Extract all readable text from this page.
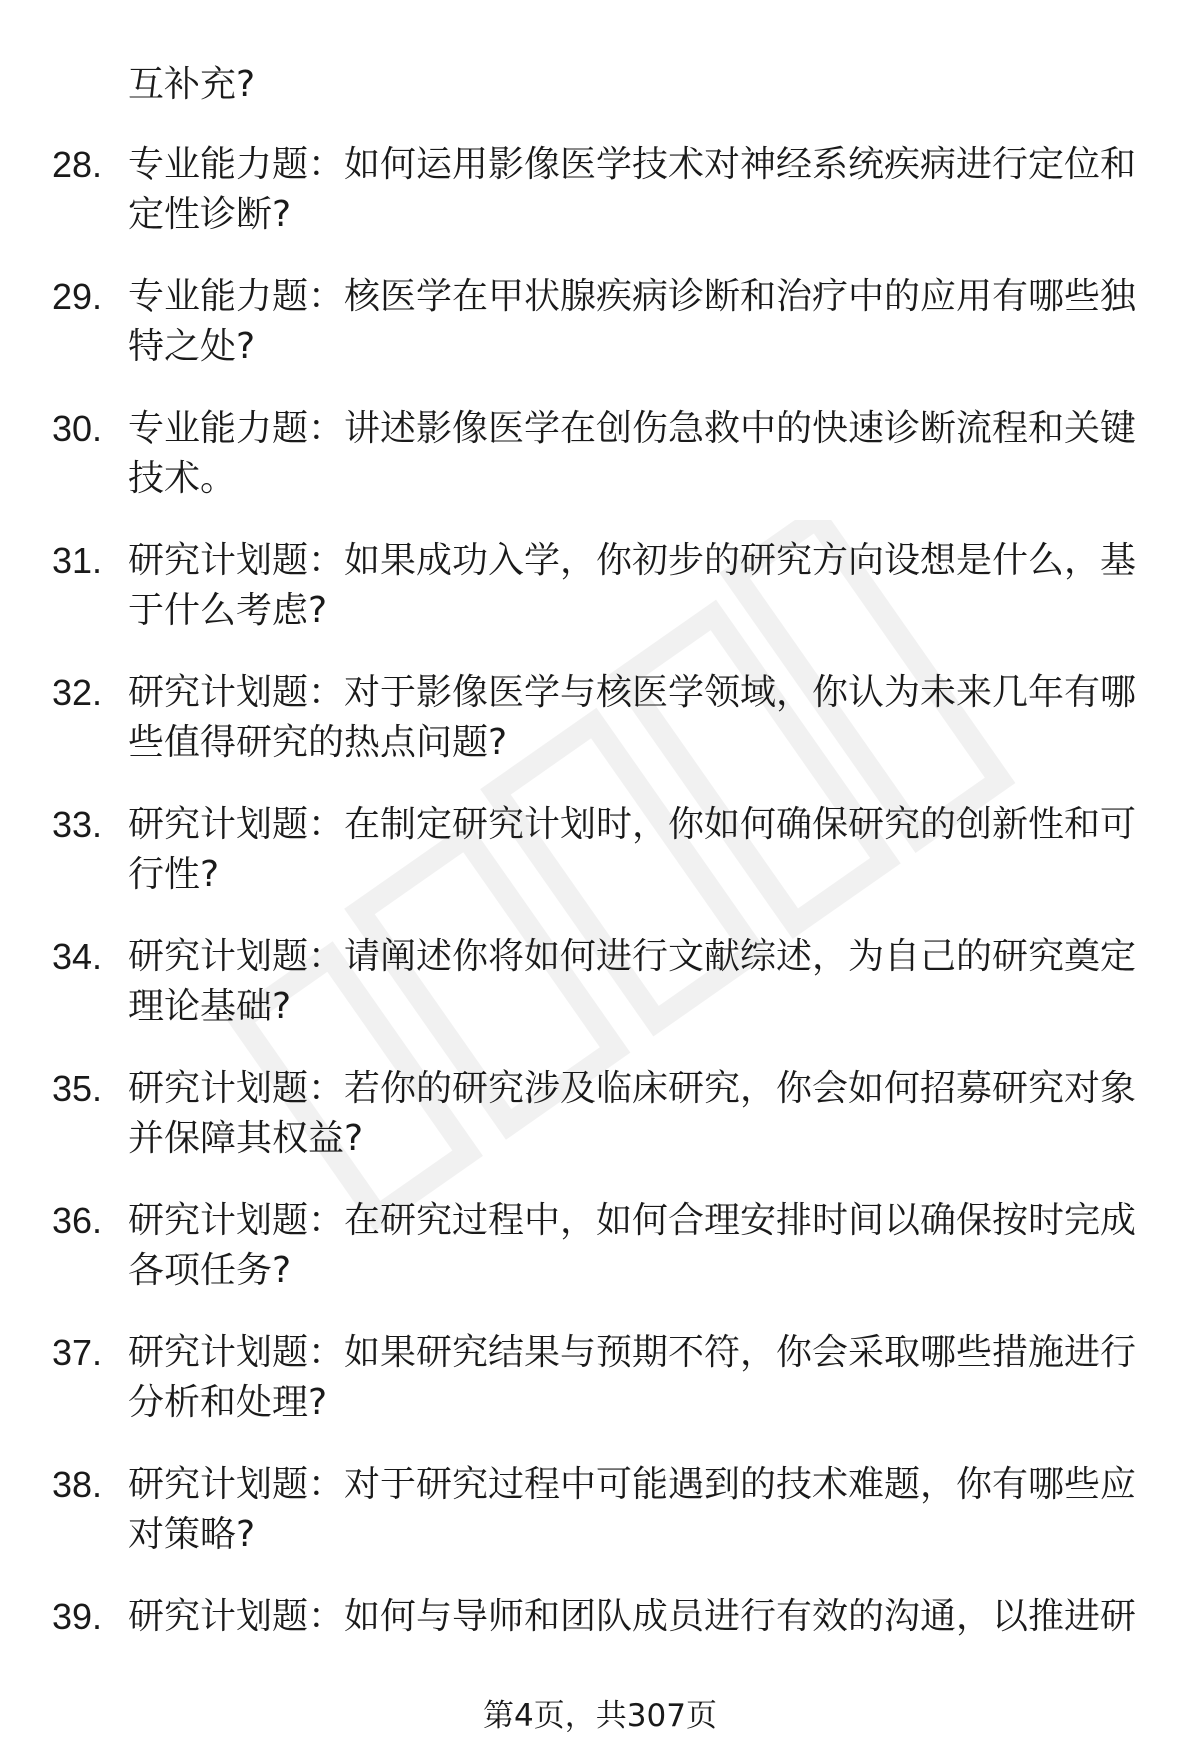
互补充?
28. 专业能力题：如何运用影像医学技术对神经系统疾病进行定位和定性诊断?
29. 专业能力题：核医学在甲状腺疾病诊断和治疗中的应用有哪些独特之处?
30. 专业能力题：讲述影像医学在创伤急救中的快速诊断流程和关键技术。
31. 研究计划题：如果成功入学，你初步的研究方向设想是什么，基于什么考虑?
32. 研究计划题：对于影像医学与核医学领域，你认为未来几年有哪些值得研究的热点问题?
33. 研究计划题：在制定研究计划时，你如何确保研究的创新性和可行性?
34. 研究计划题：请阐述你将如何进行文献综述，为自己的研究奠定理论基础?
35. 研究计划题：若你的研究涉及临床研究，你会如何招募研究对象并保障其权益?
36. 研究计划题：在研究过程中，如何合理安排时间以确保按时完成各项任务?
37. 研究计划题：如果研究结果与预期不符，你会采取哪些措施进行分析和处理?
38. 研究计划题：对于研究过程中可能遇到的技术难题，你有哪些应对策略?
39. 研究计划题：如何与导师和团队成员进行有效的沟通，以推进研
第4页，共307页
